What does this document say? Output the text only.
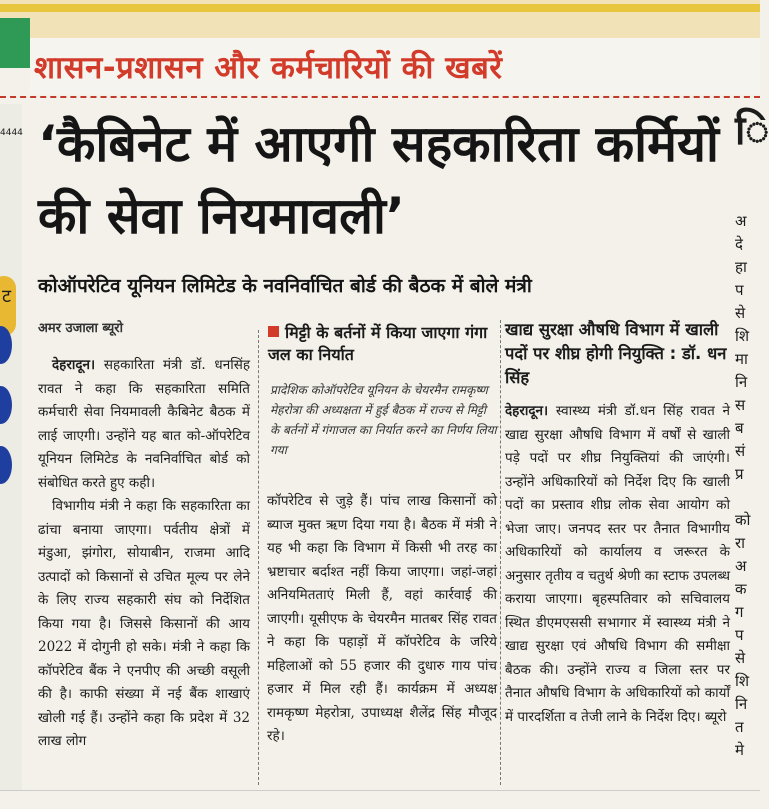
शासन-प्रशासन और कर्मचारियों की खबरें
4444
ट
ि
अ
दे
हा
प
से
शि
मा
नि
स
ब
सं
प्र

को
रा
अ
क
ग
प
से
शि
नि
त
मे
‘कैबिनेट में आएगी सहकारिता कर्मियों की सेवा नियमावली’
कोऑपरेटिव यूनियन लिमिटेड के नवनिर्वाचित बोर्ड की बैठक में बोले मंत्री
अमर उजाला ब्यूरो

देहरादून। सहकारिता मंत्री डॉ. धनसिंह रावत ने कहा कि सहकारिता समिति कर्मचारी सेवा नियमावली कैबिनेट बैठक में लाई जाएगी। उन्होंने यह बात को-ऑपरेटिव यूनियन लिमिटेड के नवनिर्वाचित बोर्ड को संबोधित करते हुए कही।

विभागीय मंत्री ने कहा कि सहकारिता का ढांचा बनाया जाएगा। पर्वतीय क्षेत्रों में मंडुआ, झंगोरा, सोयाबीन, राजमा आदि उत्पादों को किसानों से उचित मूल्य पर लेने के लिए राज्य सहकारी संघ को निर्देशित किया गया है। जिससे किसानों की आय 2022 में दोगुनी हो सके। मंत्री ने कहा कि कॉपरेटिव बैंक ने एनपीए की अच्छी वसूली की है। काफी संख्या में नई बैंक शाखाएं खोली गई हैं। उन्होंने कहा कि प्रदेश में 32 लाख लोग

मिट्टी के बर्तनों में किया जाएगा गंगा जल का निर्यात
प्रादेशिक कोऑपरेटिव यूनियन के चेयरमैन रामकृष्ण मेहरोत्रा की अध्यक्षता में हुई बैठक में राज्य से मिट्टी के बर्तनों में गंगाजल का निर्यात करने का निर्णय लिया गया

कॉपरेटिव से जुड़े हैं। पांच लाख किसानों को ब्याज मुक्त ऋण दिया गया है। बैठक में मंत्री ने यह भी कहा कि विभाग में किसी भी तरह का भ्रष्टाचार बर्दाश्त नहीं किया जाएगा। जहां-जहां अनियमितताएं मिली हैं, वहां कार्रवाई की जाएगी। यूसीएफ के चेयरमैन मातबर सिंह रावत ने कहा कि पहाड़ों में कॉपरेटिव के जरिये महिलाओं को 55 हजार की दुधारु गाय पांच हजार में मिल रही हैं। कार्यक्रम में अध्यक्ष रामकृष्ण मेहरोत्रा, उपाध्यक्ष शैलेंद्र सिंह मौजूद रहे।

खाद्य सुरक्षा औषधि विभाग में खाली पदों पर शीघ्र होगी नियुक्ति : डॉ. धन सिंह

देहरादून। स्वास्थ्य मंत्री डॉ.धन सिंह रावत ने खाद्य सुरक्षा औषधि विभाग में वर्षों से खाली पड़े पदों पर शीघ्र नियुक्तियां की जाएंगी। उन्होंने अधिकारियों को निर्देश दिए कि खाली पदों का प्रस्ताव शीघ्र लोक सेवा आयोग को भेजा जाए। जनपद स्तर पर तैनात विभागीय अधिकारियों को कार्यालय व जरूरत के अनुसार तृतीय व चतुर्थ श्रेणी का स्टाफ उपलब्ध कराया जाएगा। बृहस्पतिवार को सचिवालय स्थित डीएमएससी सभागार में स्वास्थ्य मंत्री ने खाद्य सुरक्षा एवं औषधि विभाग की समीक्षा बैठक की। उन्होंने राज्य व जिला स्तर पर तैनात औषधि विभाग के अधिकारियों को कार्यों में पारदर्शिता व तेजी लाने के निर्देश दिए। ब्यूरो
